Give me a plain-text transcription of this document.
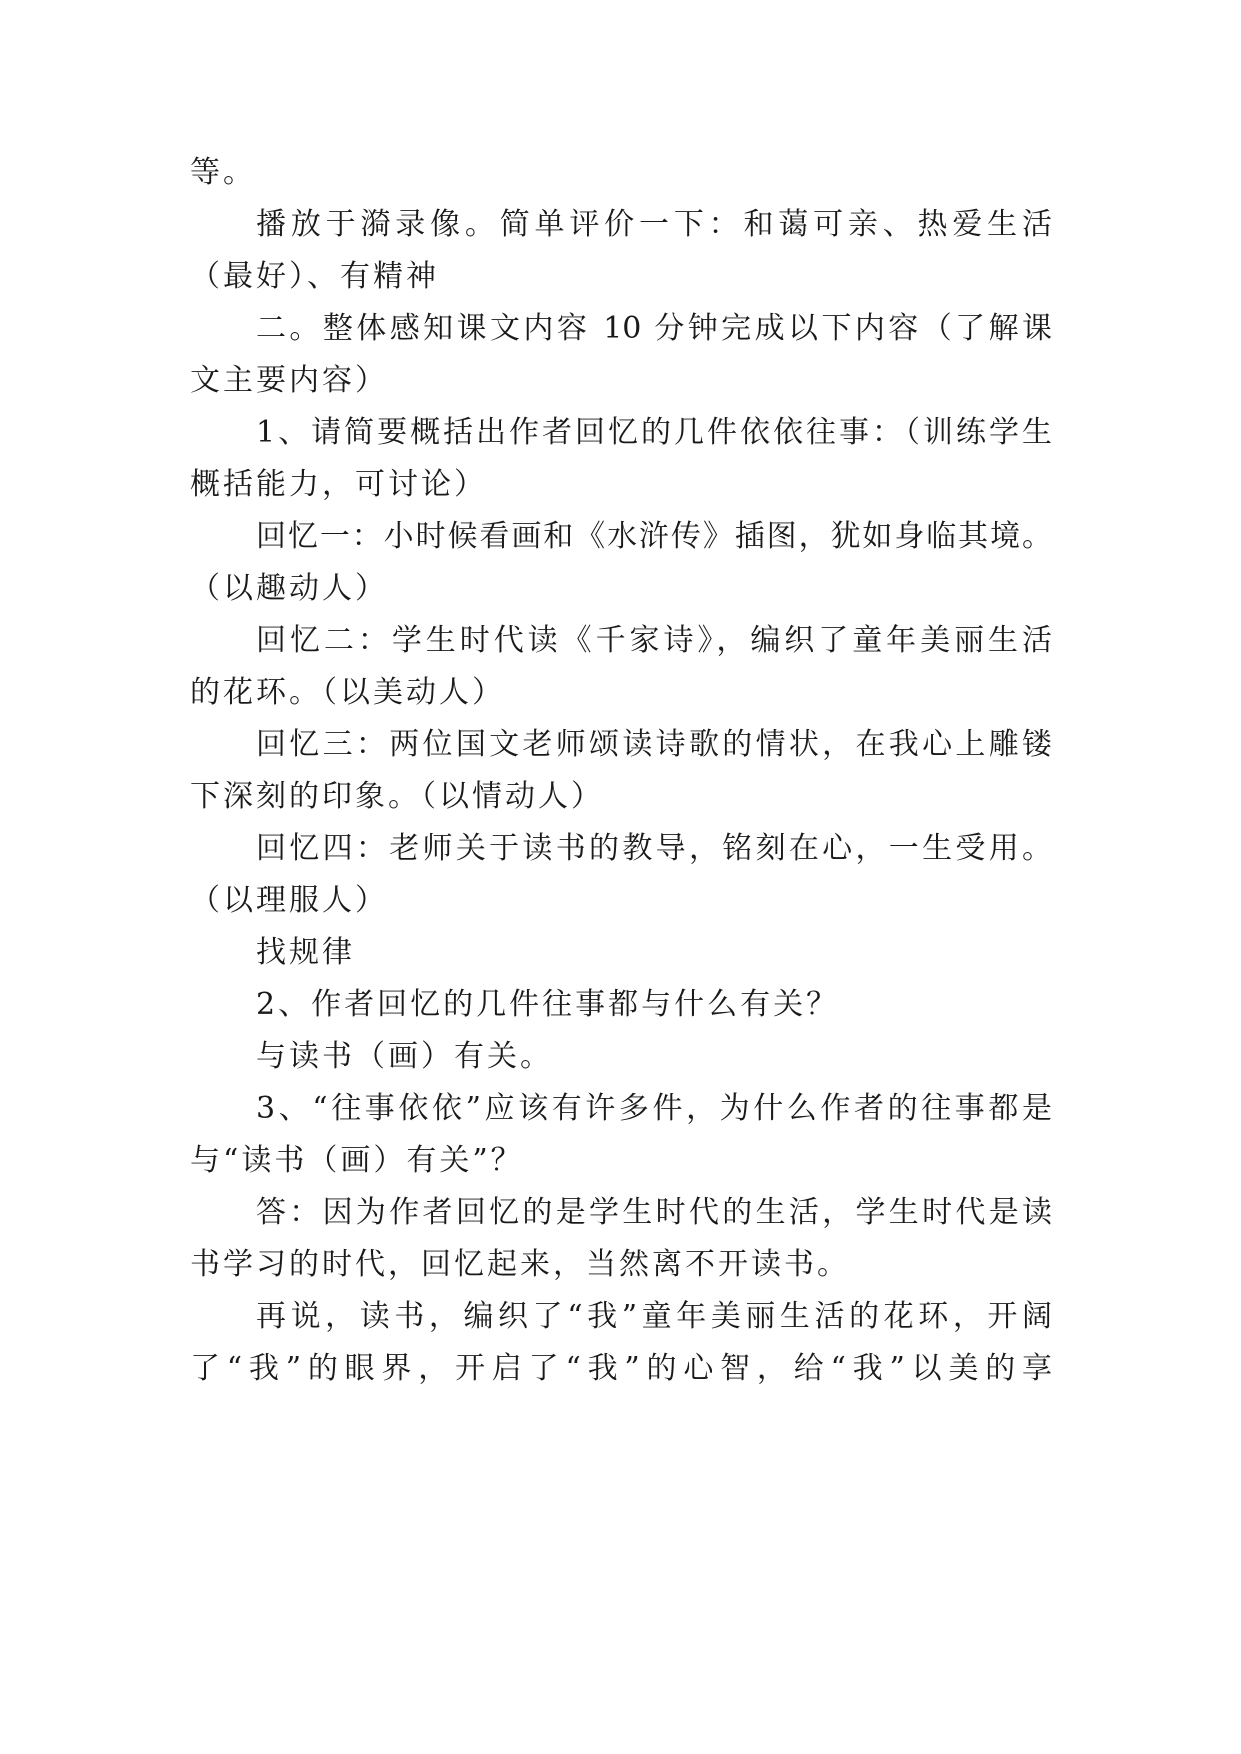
等。
播放于漪录像。简单评价一下：和蔼可亲、热爱生活
（最好）、有精神
二。整体感知课文内容 10 分钟完成以下内容（了解课
文主要内容）
1、请简要概括出作者回忆的几件依依往事：（训练学生
概括能力，可讨论）
回忆一：小时候看画和《水浒传》插图，犹如身临其境。
（以趣动人）
回忆二：学生时代读《千家诗》，编织了童年美丽生活
的花环。（以美动人）
回忆三：两位国文老师颂读诗歌的情状，在我心上雕镂
下深刻的印象。（以情动人）
回忆四：老师关于读书的教导，铭刻在心，一生受用。
（以理服人）
找规律
2、作者回忆的几件往事都与什么有关？
与读书（画）有关。
3、“往事依依”应该有许多件，为什么作者的往事都是
与“读书（画）有关”？
答：因为作者回忆的是学生时代的生活，学生时代是读
书学习的时代，回忆起来，当然离不开读书。
再说，读书，编织了“我”童年美丽生活的花环，开阔
了“我”的眼界，开启了“我”的心智，给“我”以美的享
